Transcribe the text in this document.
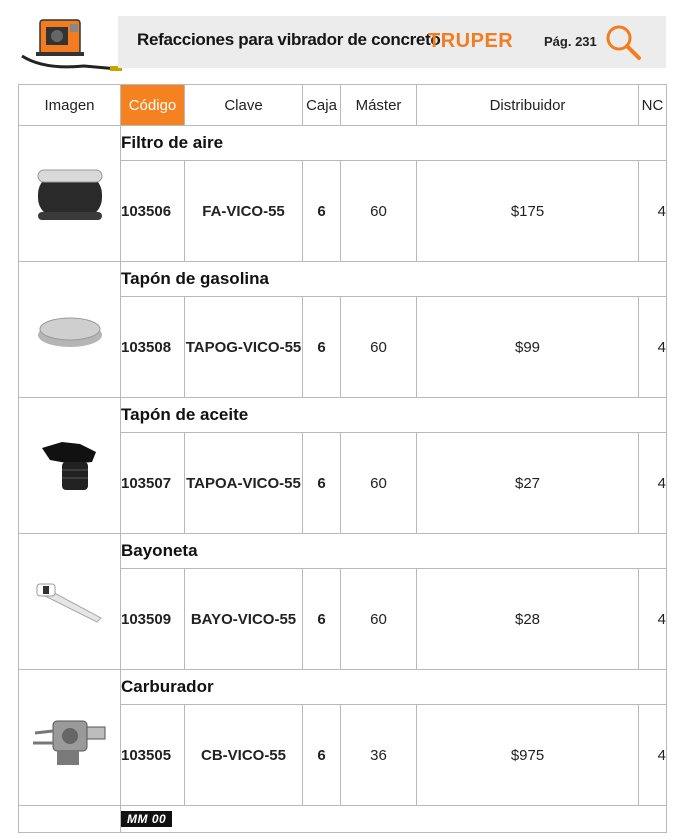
Refacciones para vibrador de concreto
TRUPER Pág. 231
Imagen	Código	Clave	Caja	Máster	Distribuidor	NC

	Filtro de aire					
	103506	FA-VICO-55	6	60	$175	4

	Tapón de gasolina					
	103508	TAPOG-VICO-55	6	60	$99	4

	Tapón de aceite					
	103507	TAPOA-VICO-55	6	60	$27	4

	Bayoneta					
	103509	BAYO-VICO-55	6	60	$28	4

	Carburador					
	103505	CB-VICO-55	6	36	$975	4
	MM 00					
